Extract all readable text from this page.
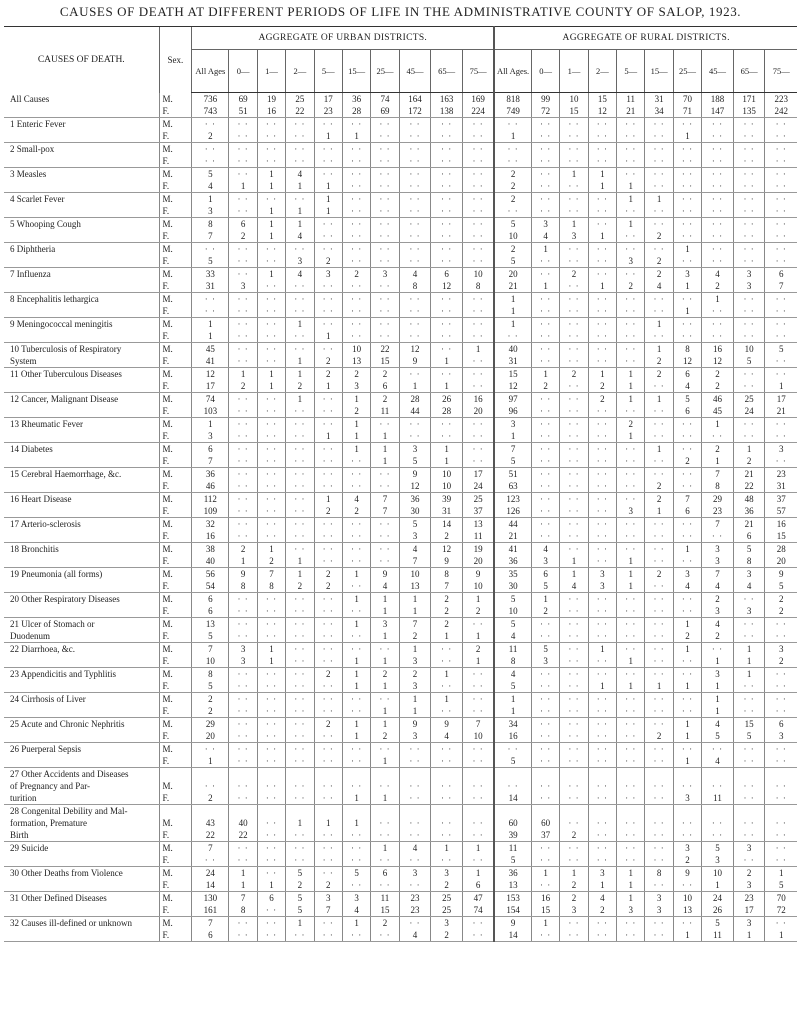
CAUSES OF DEATH AT DIFFERENT PERIODS OF LIFE IN THE ADMINISTRATIVE COUNTY OF SALOP, 1923.
CAUSES OF DEATH.	Sex.	AGGREGATE OF URBAN DISTRICTS.										AGGREGATE OF RURAL DISTRICTS.									
		All Ages	0—	1—	2—	5—	15—	25—	45—	65—	75—	All Ages.	0—	1—	2—	5—	15—	25—	45—	65—	75—
All Causes	M.	736	69	19	25	17	36	74	164	163	169	818	99	10	15	11	31	70	188	171	223
	F.	743	51	16	22	23	28	69	172	138	224	749	72	15	12	21	34	71	147	135	242
1 Enteric Fever	M.	· ·	· ·	· ·	· ·	· ·	· ·	· ·	· ·	· ·	· ·	· ·	· ·	· ·	· ·	· ·	· ·	· ·	· ·	· ·	· ·
	F.	2	· ·	· ·	· ·	1	1	· ·	· ·	· ·	· ·	1	· ·	· ·	· ·	· ·	· ·	1	· ·	· ·	· ·
2 Small-pox	M.	· ·	· ·	· ·	· ·	· ·	· ·	· ·	· ·	· ·	· ·	· ·	· ·	· ·	· ·	· ·	· ·	· ·	· ·	· ·	· ·
	F.	· ·	· ·	· ·	· ·	· ·	· ·	· ·	· ·	· ·	· ·	· ·	· ·	· ·	· ·	· ·	· ·	· ·	· ·	· ·	· ·
3 Measles	M.	5	· ·	1	4	· ·	· ·	· ·	· ·	· ·	· ·	2	· ·	1	1	· ·	· ·	· ·	· ·	· ·	· ·
	F.	4	1	1	1	1	· ·	· ·	· ·	· ·	· ·	2	· ·	· ·	1	1	· ·	· ·	· ·	· ·	· ·
4 Scarlet Fever	M.	1	· ·	· ·	· ·	1	· ·	· ·	· ·	· ·	· ·	2	· ·	· ·	· ·	1	1	· ·	· ·	· ·	· ·
	F.	3	· ·	1	1	1	· ·	· ·	· ·	· ·	· ·	· ·	· ·	· ·	· ·	· ·	· ·	· ·	· ·	· ·	· ·
5 Whooping Cough	M.	8	6	1	1	· ·	· ·	· ·	· ·	· ·	· ·	5	3	1	· ·	1	· ·	· ·	· ·	· ·	· ·
	F.	7	2	1	4	· ·	· ·	· ·	· ·	· ·	· ·	10	4	3	1	· ·	2	· ·	· ·	· ·	· ·
6 Diphtheria	M.	· ·	· ·	· ·	· ·	· ·	· ·	· ·	· ·	· ·	· ·	2	1	· ·	· ·	· ·	· ·	1	· ·	· ·	· ·
	F.	5	· ·	· ·	3	2	· ·	· ·	· ·	· ·	· ·	5	· ·	· ·	· ·	3	2	· ·	· ·	· ·	· ·
7 Influenza	M.	33	· ·	1	4	3	2	3	4	6	10	20	· ·	2	· ·	· ·	2	3	4	3	6
	F.	31	3	· ·	· ·	· ·	· ·	· ·	8	12	8	21	1	· ·	1	2	4	1	2	3	7
8 Encephalitis lethargica	M.	· ·	· ·	· ·	· ·	· ·	· ·	· ·	· ·	· ·	· ·	1	· ·	· ·	· ·	· ·	· ·	· ·	1	· ·	· ·
	F.	· ·	· ·	· ·	· ·	· ·	· ·	· ·	· ·	· ·	· ·	1	· ·	· ·	· ·	· ·	· ·	1	· ·	· ·	· ·
9 Meningococcal meningitis	M.	1	· ·	· ·	1	· ·	· ·	· ·	· ·	· ·	· ·	1	· ·	· ·	· ·	· ·	1	· ·	· ·	· ·	· ·
	F.	1	· ·	· ·	· ·	1	· ·	· ·	· ·	· ·	· ·	· ·	· ·	· ·	· ·	· ·	· ·	· ·	· ·	· ·	· ·
10 Tuberculosis of Respiratory	M.	45	· ·	· ·	· ·	· ·	10	22	12	· ·	1	40	· ·	· ·	· ·	· ·	1	8	16	10	5
System	F.	41	· ·	· ·	1	2	13	15	9	1	· ·	31	· ·	· ·	· ·	· ·	2	12	12	5	· ·
11 Other Tuberculous Diseases	M.	12	1	1	1	2	2	2	· ·	· ·	· ·	15	1	2	1	1	2	6	2	· ·	· ·
	F.	17	2	1	2	1	3	6	1	1	· ·	12	2	· ·	2	1	· ·	4	2	· ·	1
12 Cancer, Malignant Disease	M.	74	· ·	· ·	1	· ·	1	2	28	26	16	97	· ·	· ·	2	1	1	5	46	25	17
	F.	103	· ·	· ·	· ·	· ·	2	11	44	28	20	96	· ·	· ·	· ·	· ·	· ·	6	45	24	21
13 Rheumatic Fever	M.	1	· ·	· ·	· ·	· ·	1	· ·	· ·	· ·	· ·	3	· ·	· ·	· ·	2	· ·	· ·	1	· ·	· ·
	F.	3	· ·	· ·	· ·	1	1	1	· ·	· ·	· ·	1	· ·	· ·	· ·	1	· ·	· ·	· ·	· ·	· ·
14 Diabetes	M.	6	· ·	· ·	· ·	· ·	1	1	3	1	· ·	7	· ·	· ·	· ·	· ·	1	· ·	2	1	3
	F.	7	· ·	· ·	· ·	· ·	· ·	1	5	1	· ·	5	· ·	· ·	· ·	· ·	· ·	2	1	2	· ·
15 Cerebral Haemorrhage, &c.	M.	36	· ·	· ·	· ·	· ·	· ·	· ·	9	10	17	51	· ·	· ·	· ·	· ·	· ·	· ·	7	21	23
	F.	46	· ·	· ·	· ·	· ·	· ·	· ·	12	10	24	63	· ·	· ·	· ·	· ·	2	· ·	8	22	31
16 Heart Disease	M.	112	· ·	· ·	· ·	1	4	7	36	39	25	123	· ·	· ·	· ·	· ·	2	7	29	48	37
	F.	109	· ·	· ·	· ·	2	2	7	30	31	37	126	· ·	· ·	· ·	3	1	6	23	36	57
17 Arterio-sclerosis	M.	32	· ·	· ·	· ·	· ·	· ·	· ·	5	14	13	44	· ·	· ·	· ·	· ·	· ·	· ·	7	21	16
	F.	16	· ·	· ·	· ·	· ·	· ·	· ·	3	2	11	21	· ·	· ·	· ·	· ·	· ·	· ·	· ·	6	15
18 Bronchitis	M.	38	2	1	· ·	· ·	· ·	· ·	4	12	19	41	4	· ·	· ·	· ·	· ·	1	3	5	28
	F.	40	1	2	1	· ·	· ·	· ·	7	9	20	36	3	1	· ·	1	· ·	· ·	3	8	20
19 Pneumonia (all forms)	M.	56	9	7	1	2	1	9	10	8	9	35	6	1	3	1	2	3	7	3	9
	F.	54	8	8	2	2	· ·	4	13	7	10	30	5	4	3	1	· ·	4	4	4	5
20 Other Respiratory Diseases	M.	6	· ·	· ·	· ·	· ·	1	1	1	2	1	5	1	· ·	· ·	· ·	· ·	· ·	2	· ·	2
	F.	6	· ·	· ·	· ·	· ·	· ·	1	1	2	2	10	2	· ·	· ·	· ·	· ·	· ·	3	3	2
21 Ulcer of Stomach or	M.	13	· ·	· ·	· ·	· ·	1	3	7	2	· ·	5	· ·	· ·	· ·	· ·	· ·	1	4	· ·	· ·
Duodenum	F.	5	· ·	· ·	· ·	· ·	· ·	1	2	1	1	4	· ·	· ·	· ·	· ·	· ·	2	2	· ·	· ·
22 Diarrhoea, &c.	M.	7	3	1	· ·	· ·	· ·	· ·	1	· ·	2	11	5	· ·	1	· ·	· ·	1	· ·	1	3
	F.	10	3	1	· ·	· ·	1	1	3	· ·	1	8	3	· ·	· ·	1	· ·	· ·	1	1	2
23 Appendicitis and Typhlitis	M.	8	· ·	· ·	· ·	2	1	2	2	1	· ·	4	· ·	· ·	· ·	· ·	· ·	· ·	3	1	· ·
	F.	5	· ·	· ·	· ·	· ·	1	1	3	· ·	· ·	5	· ·	· ·	1	1	1	1	1	· ·	· ·
24 Cirrhosis of Liver	M.	2	· ·	· ·	· ·	· ·	· ·	· ·	1	1	· ·	1	· ·	· ·	· ·	· ·	· ·	· ·	1	· ·	· ·
	F.	2	· ·	· ·	· ·	· ·	· ·	1	1	· ·	· ·	1	· ·	· ·	· ·	· ·	· ·	· ·	1	· ·	· ·
25 Acute and Chronic Nephritis	M.	29	· ·	· ·	· ·	2	1	1	9	9	7	34	· ·	· ·	· ·	· ·	· ·	1	4	15	6
	F.	20	· ·	· ·	· ·	· ·	1	2	3	4	10	16	· ·	· ·	· ·	· ·	2	1	5	5	3
26 Puerperal Sepsis	M.	· ·	· ·	· ·	· ·	· ·	· ·	· ·	· ·	· ·	· ·	· ·	· ·	· ·	· ·	· ·	· ·	· ·	· ·	· ·	· ·
	F.	1	· ·	· ·	· ·	· ·	· ·	1	· ·	· ·	· ·	5	· ·	· ·	· ·	· ·	· ·	1	4	· ·	· ·
27 Other Accidents and Diseases																					
of Pregnancy and Par-	M.	· ·	· ·	· ·	· ·	· ·	· ·	· ·	· ·	· ·	· ·	· ·	· ·	· ·	· ·	· ·	· ·	· ·	· ·	· ·	· ·
turition	F.	2	· ·	· ·	· ·	· ·	1	1	· ·	· ·	· ·	14	· ·	· ·	· ·	· ·	· ·	3	11	· ·	· ·
28 Congenital Debility and Mal-																					
formation, Premature	M.	43	40	· ·	1	1	1	· ·	· ·	· ·	· ·	60	60	· ·	· ·	· ·	· ·	· ·	· ·	· ·	· ·
Birth	F.	22	22	· ·	· ·	· ·	· ·	· ·	· ·	· ·	· ·	39	37	2	· ·	· ·	· ·	· ·	· ·	· ·	· ·
29 Suicide	M.	7	· ·	· ·	· ·	· ·	· ·	1	4	1	1	11	· ·	· ·	· ·	· ·	· ·	3	5	3	· ·
	F.	· ·	· ·	· ·	· ·	· ·	· ·	· ·	· ·	· ·	· ·	5	· ·	· ·	· ·	· ·	· ·	2	3	· ·	· ·
30 Other Deaths from Violence	M.	24	1	· ·	5	· ·	5	6	3	3	1	36	1	1	3	1	8	9	10	2	1
	F.	14	1	1	2	2	· ·	· ·	· ·	2	6	13	· ·	2	1	1	· ·	· ·	1	3	5
31 Other Defined Diseases	M.	130	7	6	5	3	3	11	23	25	47	153	16	2	4	1	3	10	24	23	70
	F.	161	8	· ·	5	7	4	15	23	25	74	154	15	3	2	3	3	13	26	17	72
32 Causes ill-defined or unknown	M.	7	· ·	· ·	1	· ·	1	2	· ·	3	· ·	9	1	· ·	· ·	· ·	· ·	· ·	5	3	· ·
	F.	6	· ·	· ·	· ·	· ·	· ·	· ·	4	2	· ·	14	· ·	· ·	· ·	· ·	· ·	1	11	1	1
